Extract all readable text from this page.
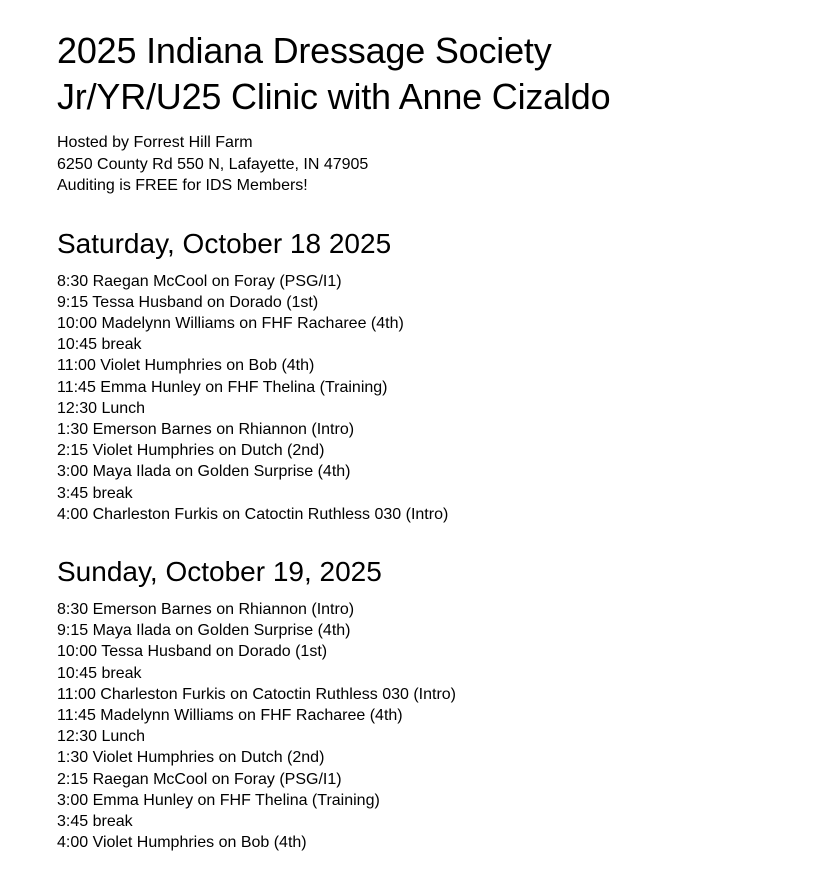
2025 Indiana Dressage Society
Jr/YR/U25 Clinic with Anne Cizaldo
Hosted by Forrest Hill Farm
6250 County Rd 550 N, Lafayette, IN 47905
Auditing is FREE for IDS Members!
Saturday, October 18 2025
8:30 Raegan McCool on Foray (PSG/I1)
9:15 Tessa Husband on Dorado (1st)
10:00 Madelynn Williams on FHF Racharee (4th)
10:45 break
11:00 Violet Humphries on Bob (4th)
11:45 Emma Hunley on FHF Thelina (Training)
12:30 Lunch
1:30 Emerson Barnes on Rhiannon (Intro)
2:15 Violet Humphries on Dutch (2nd)
3:00 Maya Ilada on Golden Surprise (4th)
3:45 break
4:00 Charleston Furkis on Catoctin Ruthless 030 (Intro)
Sunday, October 19, 2025
8:30 Emerson Barnes on Rhiannon (Intro)
9:15 Maya Ilada on Golden Surprise (4th)
10:00 Tessa Husband on Dorado (1st)
10:45 break
11:00 Charleston Furkis on Catoctin Ruthless 030 (Intro)
11:45 Madelynn Williams on FHF Racharee (4th)
12:30 Lunch
1:30 Violet Humphries on Dutch (2nd)
2:15 Raegan McCool on Foray (PSG/I1)
3:00 Emma Hunley on FHF Thelina (Training)
3:45 break
4:00 Violet Humphries on Bob (4th)
